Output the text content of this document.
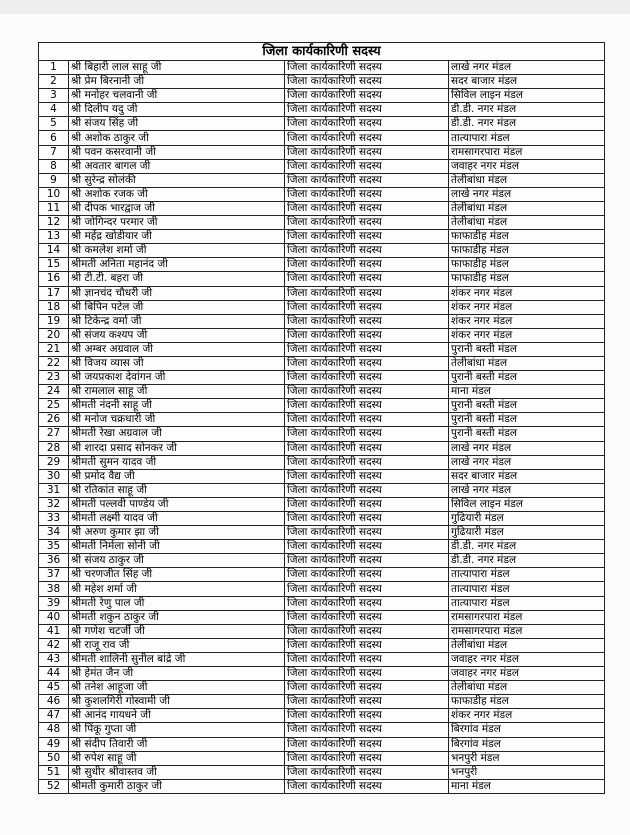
जिला कार्यकारिणी सदस्य			
1	श्री बिहारी लाल साहू जी	जिला कार्यकारिणी सदस्य	लाखे नगर मंडल
2	श्री प्रेम बिरनानी जी	जिला कार्यकारिणी सदस्य	सदर बाजार मंडल
3	श्री मनोहर चलवानी जी	जिला कार्यकारिणी सदस्य	सिविल लाइन मंडल
4	श्री दिलीप यदु जी	जिला कार्यकारिणी सदस्य	डी.डी. नगर मंडल
5	श्री संजय सिंह जी	जिला कार्यकारिणी सदस्य	डी.डी. नगर मंडल
6	श्री अशोक ठाकुर जी	जिला कार्यकारिणी सदस्य	तात्यापारा मंडल
7	श्री पवन कसरवानी जी	जिला कार्यकारिणी सदस्य	रामसागरपारा मंडल
8	श्री अवतार बागल जी	जिला कार्यकारिणी सदस्य	जवाहर नगर मंडल
9	श्री सुरेन्द्र सोलंकी	जिला कार्यकारिणी सदस्य	तेलीबांधा मंडल
10	श्री अशोक रजक जी	जिला कार्यकारिणी सदस्य	लाखे नगर मंडल
11	श्री दीपक भारद्वाज जी	जिला कार्यकारिणी सदस्य	तेलीबांधा मंडल
12	श्री जोगिन्दर परमार जी	जिला कार्यकारिणी सदस्य	तेलीबांधा मंडल
13	श्री महेंद्र खोडीयार जी	जिला कार्यकारिणी सदस्य	फाफाडीह मंडल
14	श्री कमलेश शर्मा जी	जिला कार्यकारिणी सदस्य	फाफाडीह मंडल
15	श्रीमती अनिता महानंद जी	जिला कार्यकारिणी सदस्य	फाफाडीह मंडल
16	श्री टी.टी. बहरा जी	जिला कार्यकारिणी सदस्य	फाफाडीह मंडल
17	श्री ज्ञानचंद चौधरी जी	जिला कार्यकारिणी सदस्य	शंकर नगर मंडल
18	श्री बिपिन पटेल जी	जिला कार्यकारिणी सदस्य	शंकर नगर मंडल
19	श्री टिकेन्द्र वर्मा जी	जिला कार्यकारिणी सदस्य	शंकर नगर मंडल
20	श्री संजय कश्यप जी	जिला कार्यकारिणी सदस्य	शंकर नगर मंडल
21	श्री अम्बर अग्रवाल जी	जिला कार्यकारिणी सदस्य	पुरानी बस्ती मंडल
22	श्री विजय व्यास जी	जिला कार्यकारिणी सदस्य	तेलीबांधा मंडल
23	श्री जयप्रकाश देवांगन जी	जिला कार्यकारिणी सदस्य	पुरानी बस्ती मंडल
24	श्री रामलाल साहू जी	जिला कार्यकारिणी सदस्य	माना मंडल
25	श्रीमती नंदनी साहू जी	जिला कार्यकारिणी सदस्य	पुरानी बस्ती मंडल
26	श्री मनोज चक्रधारी जी	जिला कार्यकारिणी सदस्य	पुरानी बस्ती मंडल
27	श्रीमती रेखा अग्रवाल जी	जिला कार्यकारिणी सदस्य	पुरानी बस्ती मंडल
28	श्री शारदा प्रसाद सोनकर जी	जिला कार्यकारिणी सदस्य	लाखे नगर मंडल
29	श्रीमती सुमन यादव जी	जिला कार्यकारिणी सदस्य	लाखे नगर मंडल
30	श्री प्रमोद वैद्य जी	जिला कार्यकारिणी सदस्य	सदर बाजार मंडल
31	श्री रतिकांत साहू जी	जिला कार्यकारिणी सदस्य	लाखे नगर मंडल
32	श्रीमती पल्लवी पाण्डेय जी	जिला कार्यकारिणी सदस्य	सिविल लाइन मंडल
33	श्रीमती लक्ष्मी यादव जी	जिला कार्यकारिणी सदस्य	गुढियारी मंडल
34	श्री अरुण कुमार झा जी	जिला कार्यकारिणी सदस्य	गुढियारी मंडल
35	श्रीमती निर्मला सोनी जी	जिला कार्यकारिणी सदस्य	डी.डी. नगर मंडल
36	श्री संजय ठाकुर जी	जिला कार्यकारिणी सदस्य	डी.डी. नगर मंडल
37	श्री चरणजीत सिंह जी	जिला कार्यकारिणी सदस्य	तात्यापारा मंडल
38	श्री महेश शर्मा जी	जिला कार्यकारिणी सदस्य	तात्यापारा मंडल
39	श्रीमती रेणु पाल जी	जिला कार्यकारिणी सदस्य	तात्यापारा मंडल
40	श्रीमती शकुन ठाकुर जी	जिला कार्यकारिणी सदस्य	रामसागरपारा मंडल
41	श्री गणेश चटर्जी जी	जिला कार्यकारिणी सदस्य	रामसागरपारा मंडल
42	श्री राजू राव जी	जिला कार्यकारिणी सदस्य	तेलीबांधा मंडल
43	श्रीमती शालिनी सुनील बांद्रे जी	जिला कार्यकारिणी सदस्य	जवाहर नगर मंडल
44	श्री हेमंत जैन जी	जिला कार्यकारिणी सदस्य	जवाहर नगर मंडल
45	श्री तनेश आहूजा जी	जिला कार्यकारिणी सदस्य	तेलीबांधा मंडल
46	श्री कुशलगिरी गोस्वामी जी	जिला कार्यकारिणी सदस्य	फाफाडीह मंडल
47	श्री आनंद गायधने जी	जिला कार्यकारिणी सदस्य	शंकर नगर मंडल
48	श्री पिंकू गुप्ता जी	जिला कार्यकारिणी सदस्य	बिरगांव मंडल
49	श्री संदीप तिवारी जी	जिला कार्यकारिणी सदस्य	बिरगांव मंडल
50	श्री रुपेश साहू जी	जिला कार्यकारिणी सदस्य	भनपुरी मंडल
51	श्री सुधीर श्रीवास्तव जी	जिला कार्यकारिणी सदस्य	भनपुरी
52	श्रीमती कुमारी ठाकुर जी	जिला कार्यकारिणी सदस्य	माना मंडल
